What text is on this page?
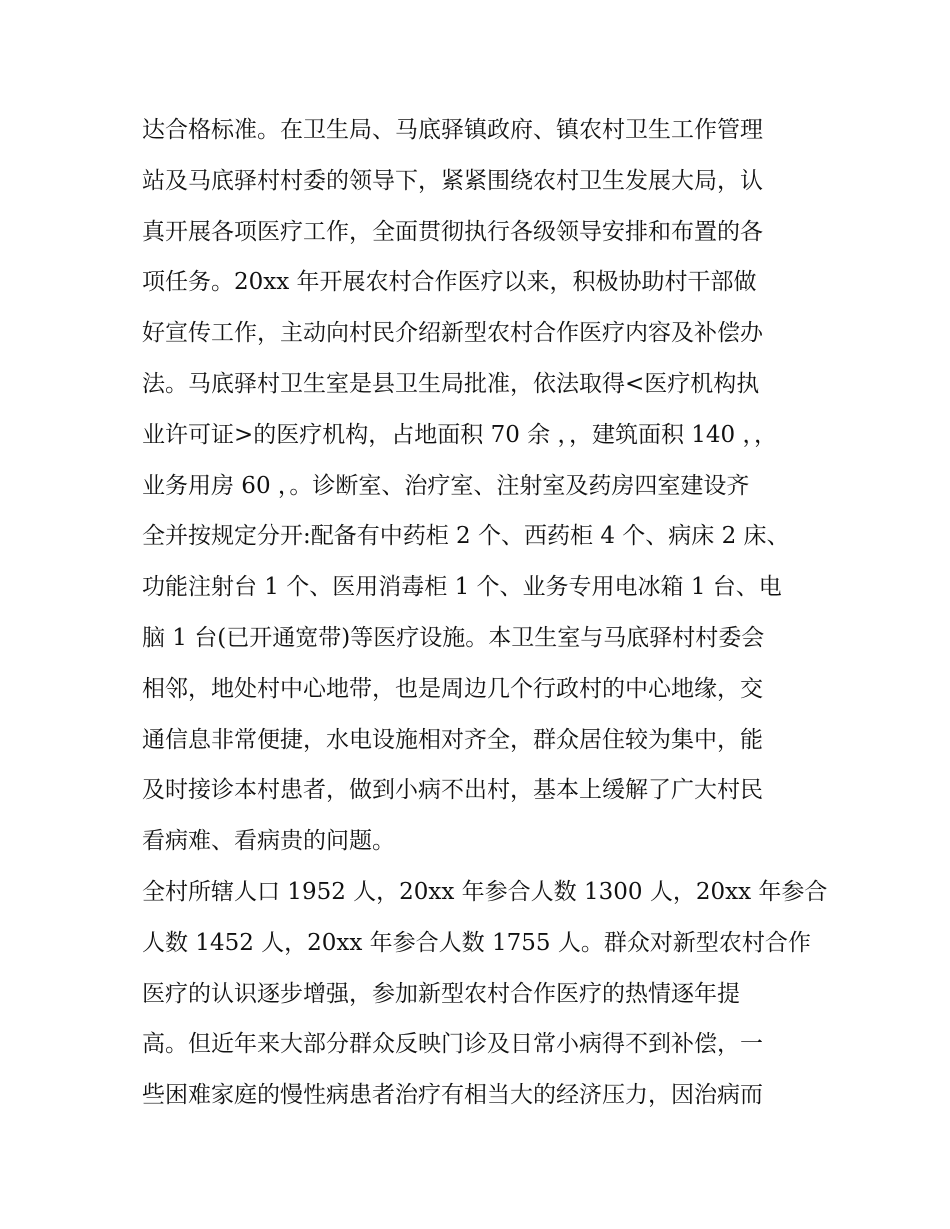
达合格标准。在卫生局、马底驿镇政府、镇农村卫生工作管理
站及马底驿村村委的领导下，紧紧围绕农村卫生发展大局，认
真开展各项医疗工作，全面贯彻执行各级领导安排和布置的各
项任务。20xx 年开展农村合作医疗以来，积极协助村干部做
好宣传工作，主动向村民介绍新型农村合作医疗内容及补偿办
法。马底驿村卫生室是县卫生局批准，依法取得<医疗机构执
业许可证>的医疗机构，占地面积 70 余 ，，建筑面积 140 ，，
业务用房 60 ，。诊断室、治疗室、注射室及药房四室建设齐
全并按规定分开:配备有中药柜 2 个、西药柜 4 个、病床 2 床、
功能注射台 1 个、医用消毒柜 1 个、业务专用电冰箱 1 台、电
脑 1 台(已开通宽带)等医疗设施。本卫生室与马底驿村村委会
相邻，地处村中心地带，也是周边几个行政村的中心地缘，交
通信息非常便捷，水电设施相对齐全，群众居住较为集中，能
及时接诊本村患者，做到小病不出村，基本上缓解了广大村民
看病难、看病贵的问题。
全村所辖人口 1952 人，20xx 年参合人数 1300 人，20xx 年参合
人数 1452 人，20xx 年参合人数 1755 人。群众对新型农村合作
医疗的认识逐步增强，参加新型农村合作医疗的热情逐年提
高。但近年来大部分群众反映门诊及日常小病得不到补偿，一
些困难家庭的慢性病患者治疗有相当大的经济压力，因治病而
